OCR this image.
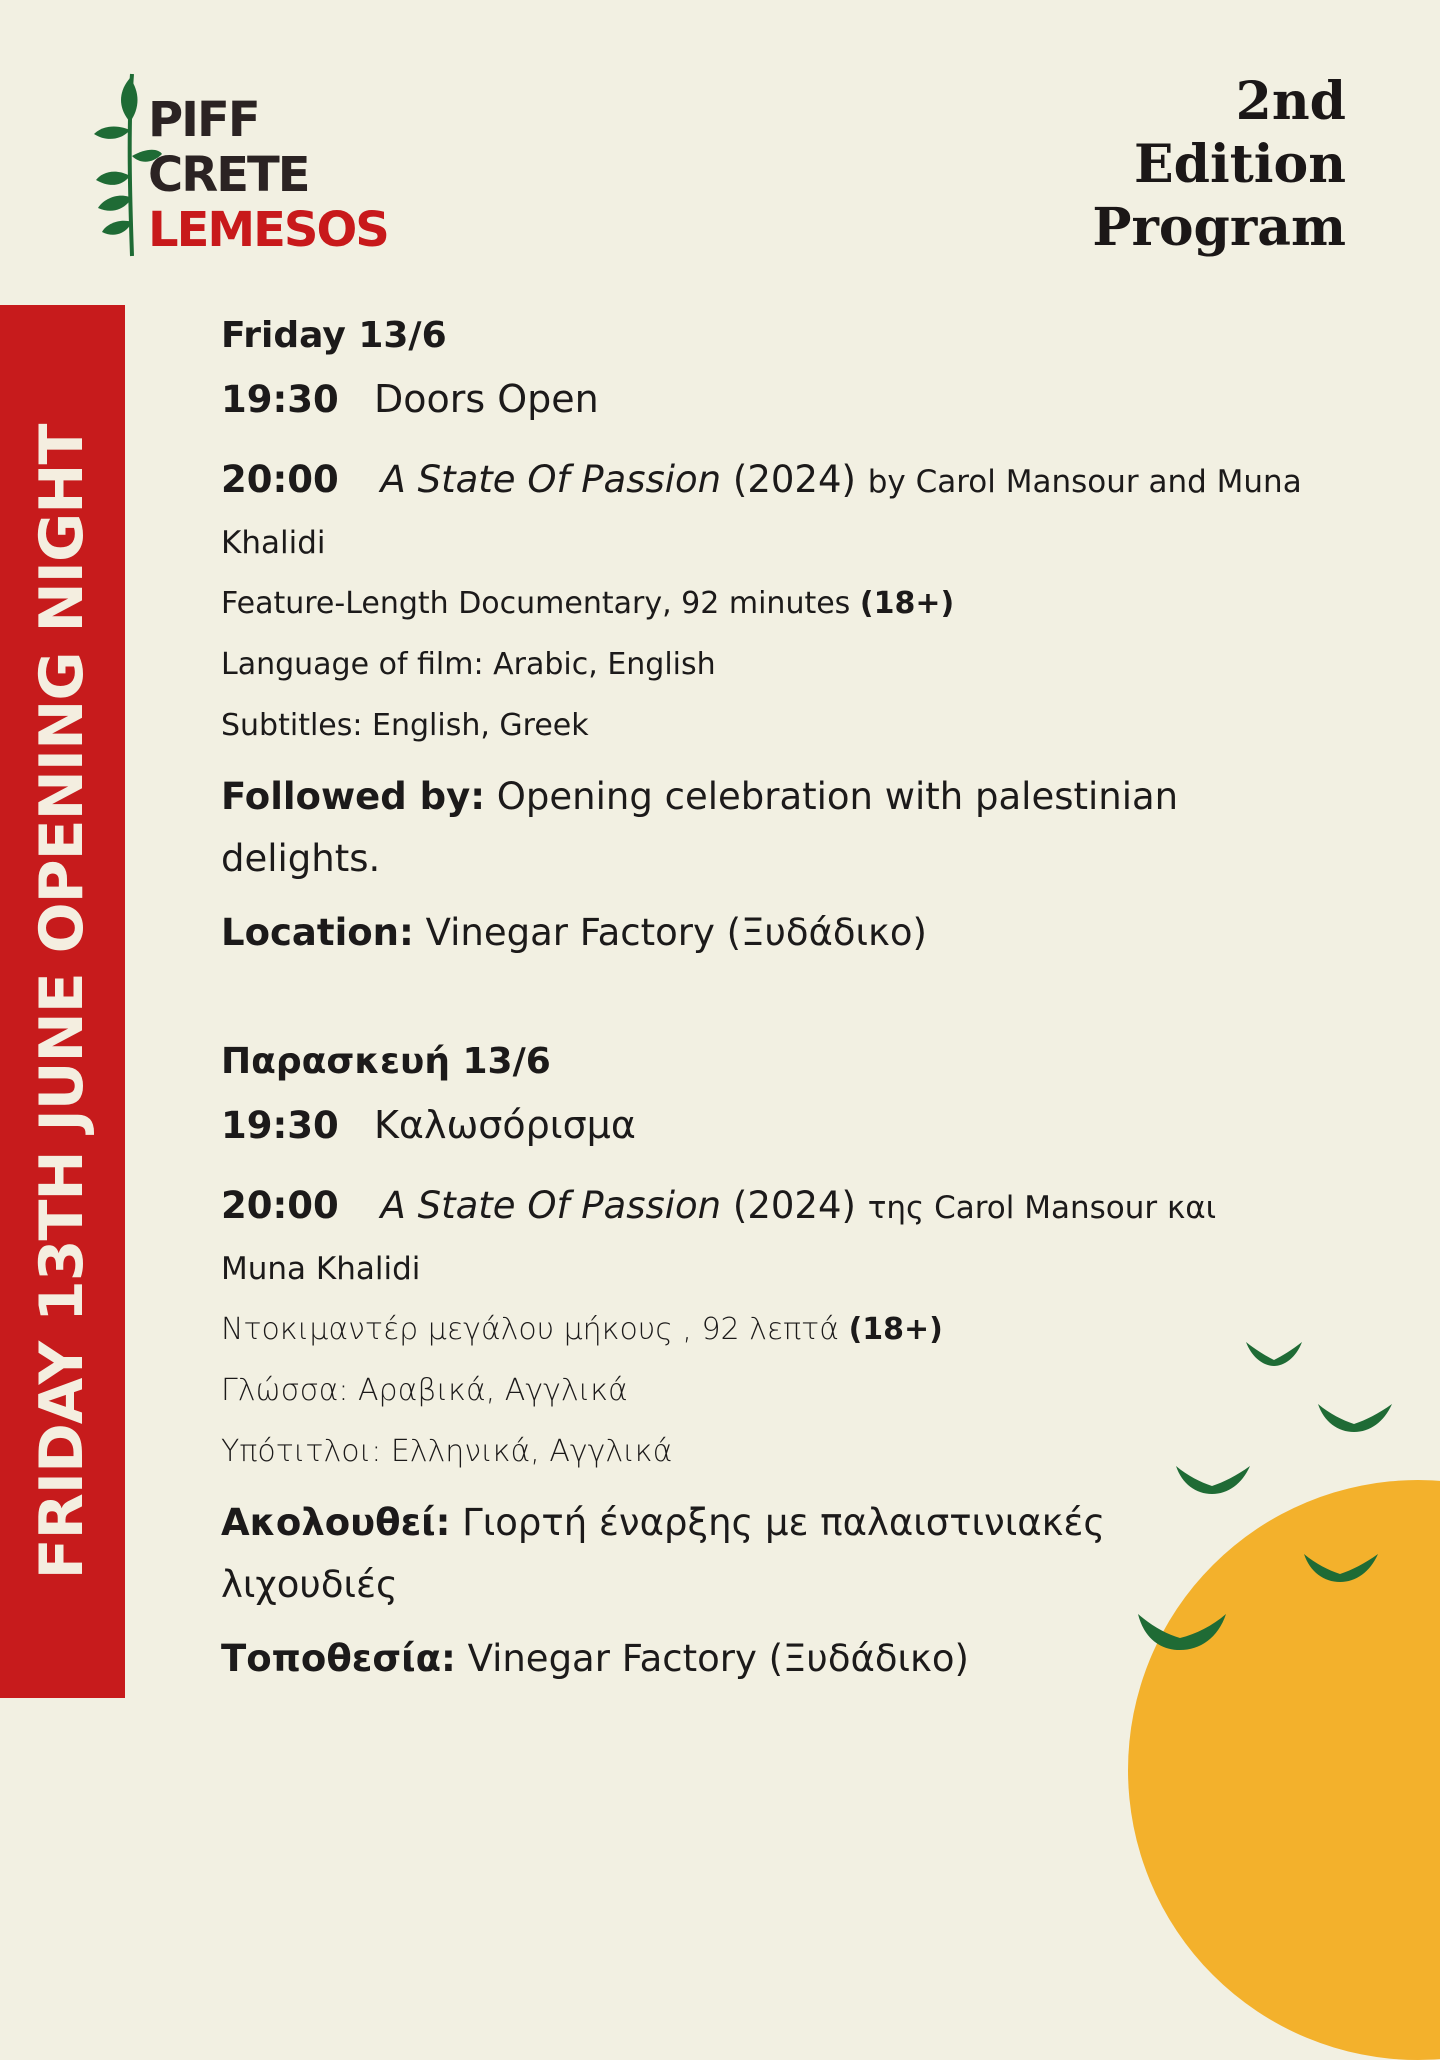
PIFF
CRETE
LEMESOS
2nd
Edition
Program
FRIDAY 13TH JUNE OPENING NIGHT
Friday 13/6
19:30 Doors Open
20:00 A State Of Passion (2024) by Carol Mansour and Muna
Khalidi
Feature-Length Documentary, 92 minutes (18+)
Language of film: Arabic, English
Subtitles: English, Greek
Followed by: Opening celebration with palestinian
delights.
Location: Vinegar Factory (Ξυδάδικο)
Παρασκευή 13/6
19:30 Καλωσόρισμα
20:00 A State Of Passion (2024) της Carol Mansour και
Muna Khalidi
Ντοκιμαντέρ μεγάλου μήκους , 92 λεπτά (18+)
Γλώσσα: Αραβικά, Αγγλικά
Υπότιτλοι: Ελληνικά, Αγγλικά
Ακολουθεί: Γιορτή έναρξης με παλαιστινιακές
λιχουδιές
Τοποθεσία: Vinegar Factory (Ξυδάδικο)
